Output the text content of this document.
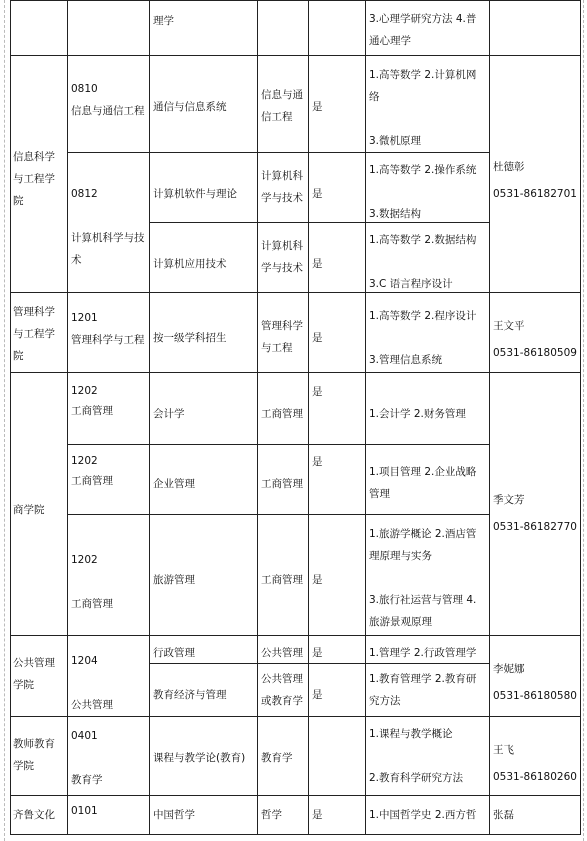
信息科学与工程学院
管理科学与工程学院
商学院
公共管理学院
教师教育学院
齐鲁文化
0810
信息与通信工程
0812

计算机科学与技术
1201
管理科学与工程
1202
工商管理
1202
工商管理
1202

工商管理
1204

公共管理
0401

教育学
0101
理学
通信与信息系统
计算机软件与理论
计算机应用技术
按一级学科招生
会计学
企业管理
旅游管理
行政管理
教育经济与管理
课程与教学论(教育)
中国哲学
信息与通信工程
计算机科学与技术
计算机科学与技术
管理科学与工程
工商管理
工商管理
工商管理
公共管理
公共管理或教育学
教育学
哲学
是
是
是
是
是
是
是
是
是
是
3.心理学研究方法 4.普通心理学
1.高等数学 2.计算机网络

3.微机原理
1.高等数学 2.操作系统

3.数据结构
1.高等数学 2.数据结构

3.C 语言程序设计
1.高等数学 2.程序设计

3.管理信息系统
1.会计学 2.财务管理
1.项目管理 2.企业战略管理
1.旅游学概论 2.酒店管理原理与实务

3.旅行社运营与管理 4.旅游景观原理
1.管理学 2.行政管理学
1.教育管理学 2.教育研究方法
1.课程与教学概论

2.教育科学研究方法
1.中国哲学史 2.西方哲
杜德彰
0531-86182701
王文平
0531-86180509
季文芳
0531-86182770
李妮娜
0531-86180580
王飞
0531-86180260
张磊
